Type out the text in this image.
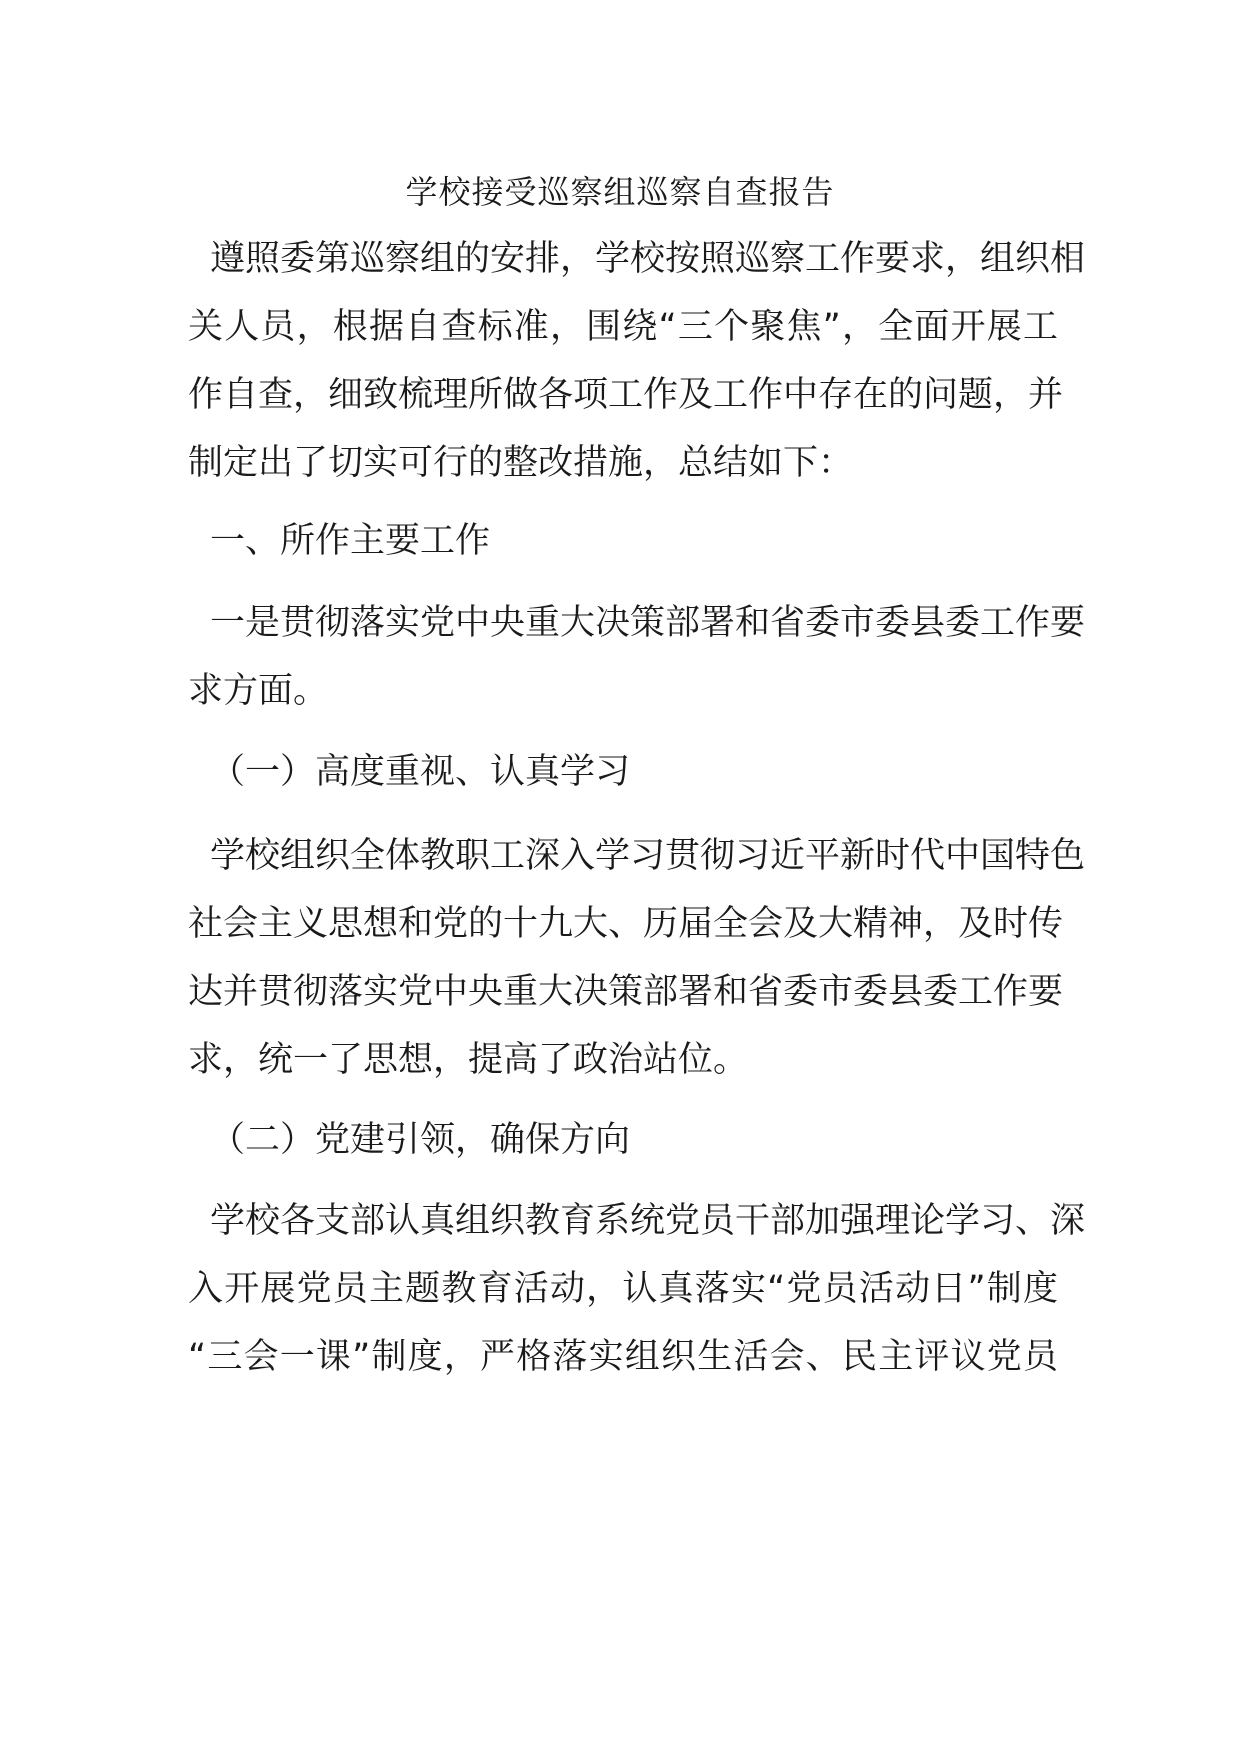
学校接受巡察组巡察自查报告
遵照委第巡察组的安排，学校按照巡察工作要求，组织相
关人员，根据自查标准，围绕“三个聚焦”，全面开展工
作自查，细致梳理所做各项工作及工作中存在的问题，并
制定出了切实可行的整改措施，总结如下：
一、所作主要工作
一是贯彻落实党中央重大决策部署和省委市委县委工作要
求方面。
（一）高度重视、认真学习
学校组织全体教职工深入学习贯彻习近平新时代中国特色
社会主义思想和党的十九大、历届全会及大精神，及时传
达并贯彻落实党中央重大决策部署和省委市委县委工作要
求，统一了思想，提高了政治站位。
（二）党建引领，确保方向
学校各支部认真组织教育系统党员干部加强理论学习、深
入开展党员主题教育活动，认真落实“党员活动日”制度
“三会一课”制度，严格落实组织生活会、民主评议党员
